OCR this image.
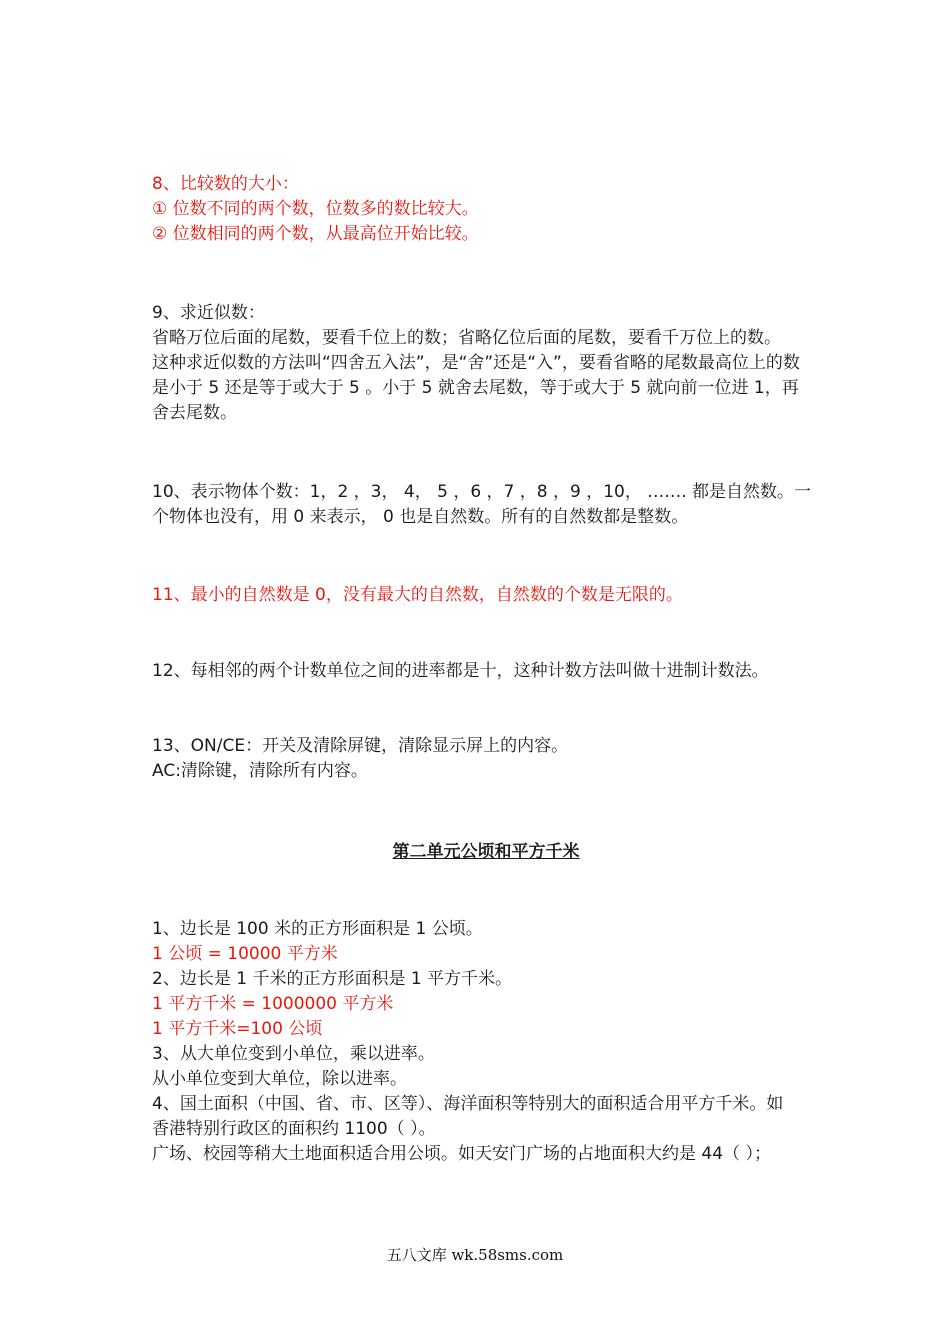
8、比较数的大小：

① 位数不同的两个数，位数多的数比较大。

② 位数相同的两个数，从最高位开始比较。

9、求近似数：

省略万位后面的尾数，要看千位上的数；省略亿位后面的尾数，要看千万位上的数。

这种求近似数的方法叫“四舍五入法”，是“舍”还是“入”，要看省略的尾数最高位上的数是小于 5 还是等于或大于 5 。小于 5 就舍去尾数，等于或大于 5 就向前一位进 1，再舍去尾数。

10、表示物体个数：1，2 ，3， 4， 5 ，6 ，7 ，8 ，9 ，10， ……. 都是自然数。一个物体也没有，用 0 来表示， 0 也是自然数。所有的自然数都是整数。

11、最小的自然数是 0，没有最大的自然数，自然数的个数是无限的。

12、每相邻的两个计数单位之间的进率都是十，这种计数方法叫做十进制计数法。

13、ON/CE：开关及清除屏键，清除显示屏上的内容。

AC:清除键，清除所有内容。

第二单元公顷和平方千米

1、边长是 100 米的正方形面积是 1 公顷。

1 公顷 = 10000 平方米

2、边长是 1 千米的正方形面积是 1 平方千米。

1 平方千米 = 1000000 平方米

1 平方千米=100 公顷

3、从大单位变到小单位，乘以进率。

从小单位变到大单位，除以进率。

4、国土面积（中国、省、市、区等）、海洋面积等特别大的面积适合用平方千米。如

香港特别行政区的面积约 1100（ ）。

广场、校园等稍大土地面积适合用公顷。如天安门广场的占地面积大约是 44（ ）；

五八文库 wk.58sms.com
